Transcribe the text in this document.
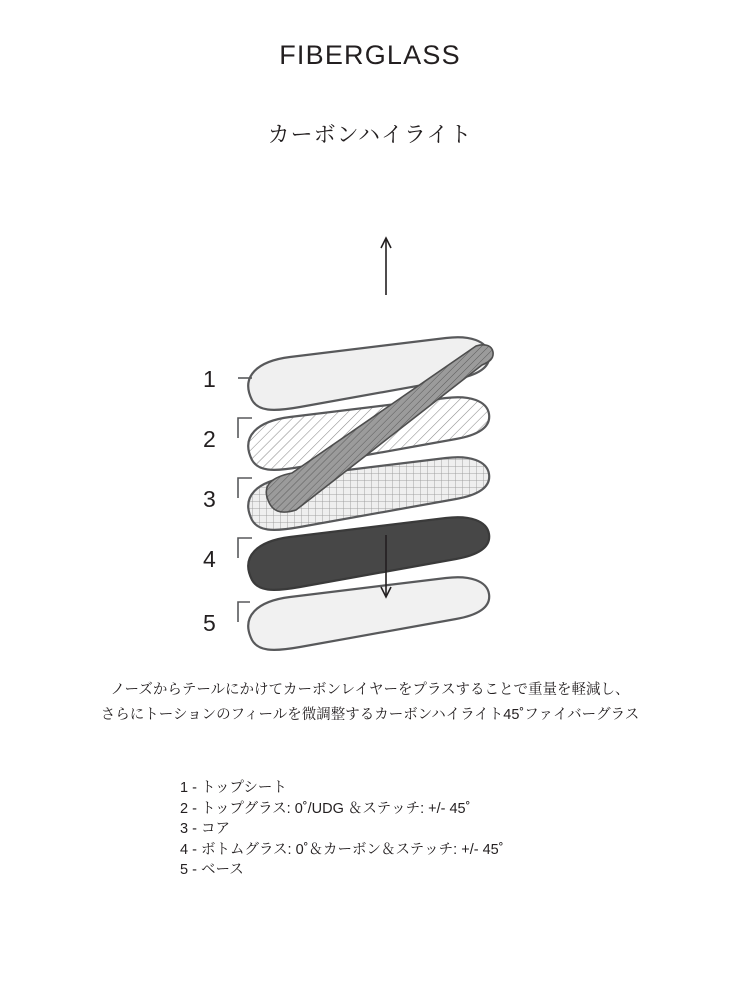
FIBERGLASS
カーボンハイライト
1
2
3
4
5
ノーズからテールにかけてカーボンレイヤーをプラスすることで重量を軽減し、
さらにトーションのフィールを微調整するカーボンハイライト45˚ファイバーグラス
1 - トップシート
2 - トップグラス: 0˚/UDG ＆ステッチ: +/- 45˚
3 - コア
4 - ボトムグラス: 0˚＆カーボン＆ステッチ: +/- 45˚
5 - ベース
